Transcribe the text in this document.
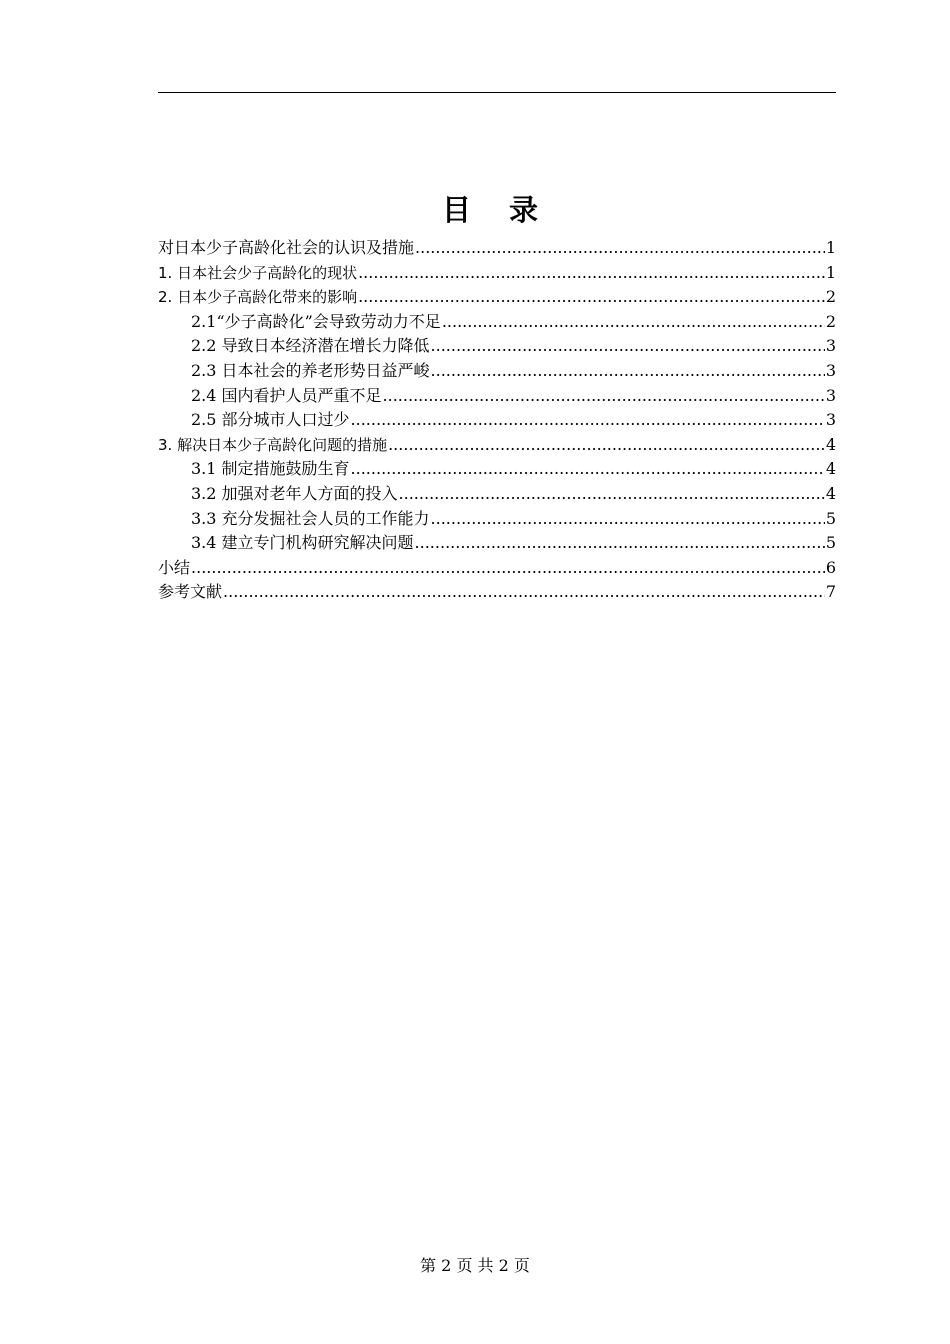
目 录
对日本少子高龄化社会的认识及措施 .....	1
1. 日本社会少子高龄化的现状 .....	1
2. 日本少子高龄化带来的影响 .....	2
2.1“少子高龄化”会导致劳动力不足 .....	2
2.2 导致日本经济潜在增长力降低 .....	3
2.3 日本社会的养老形势日益严峻 .....	3
2.4 国内看护人员严重不足 .....	3
2.5 部分城市人口过少 .....	3
3. 解决日本少子高龄化问题的措施 .....	4
3.1 制定措施鼓励生育 .....	4
3.2 加强对老年人方面的投入 .....	4
3.3 充分发掘社会人员的工作能力 .....	5
3.4 建立专门机构研究解决问题 .....	5
小结 .....	6
参考文献 .....	7
第 2 页 共 2 页
